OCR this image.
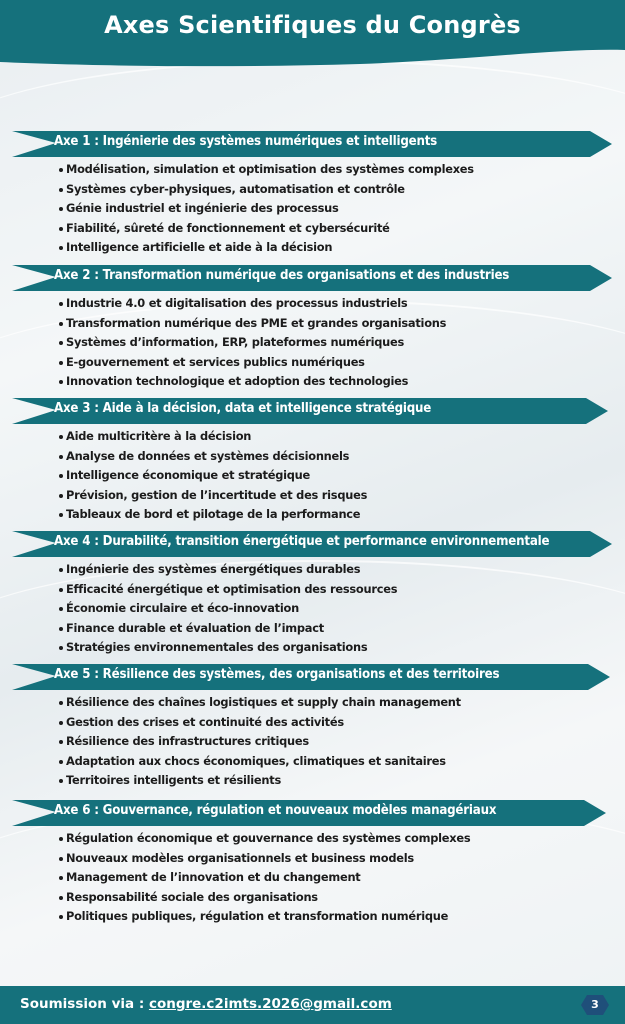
Axes Scientifiques du Congrès
Axe 1 : Ingénierie des systèmes numériques et intelligents
Modélisation, simulation et optimisation des systèmes complexes
Systèmes cyber-physiques, automatisation et contrôle
Génie industriel et ingénierie des processus
Fiabilité, sûreté de fonctionnement et cybersécurité
Intelligence artificielle et aide à la décision
Axe 2 : Transformation numérique des organisations et des industries
Industrie 4.0 et digitalisation des processus industriels
Transformation numérique des PME et grandes organisations
Systèmes d’information, ERP, plateformes numériques
E-gouvernement et services publics numériques
Innovation technologique et adoption des technologies
Axe 3 : Aide à la décision, data et intelligence stratégique
Aide multicritère à la décision
Analyse de données et systèmes décisionnels
Intelligence économique et stratégique
Prévision, gestion de l’incertitude et des risques
Tableaux de bord et pilotage de la performance
Axe 4 : Durabilité, transition énergétique et performance environnementale
Ingénierie des systèmes énergétiques durables
Efficacité énergétique et optimisation des ressources
Économie circulaire et éco-innovation
Finance durable et évaluation de l’impact
Stratégies environnementales des organisations
Axe 5 : Résilience des systèmes, des organisations et des territoires
Résilience des chaînes logistiques et supply chain management
Gestion des crises et continuité des activités
Résilience des infrastructures critiques
Adaptation aux chocs économiques, climatiques et sanitaires
Territoires intelligents et résilients
Axe 6 : Gouvernance, régulation et nouveaux modèles managériaux
Régulation économique et gouvernance des systèmes complexes
Nouveaux modèles organisationnels et business models
Management de l’innovation et du changement
Responsabilité sociale des organisations
Politiques publiques, régulation et transformation numérique
Soumission via : congre.c2imts.2026@gmail.com	3
